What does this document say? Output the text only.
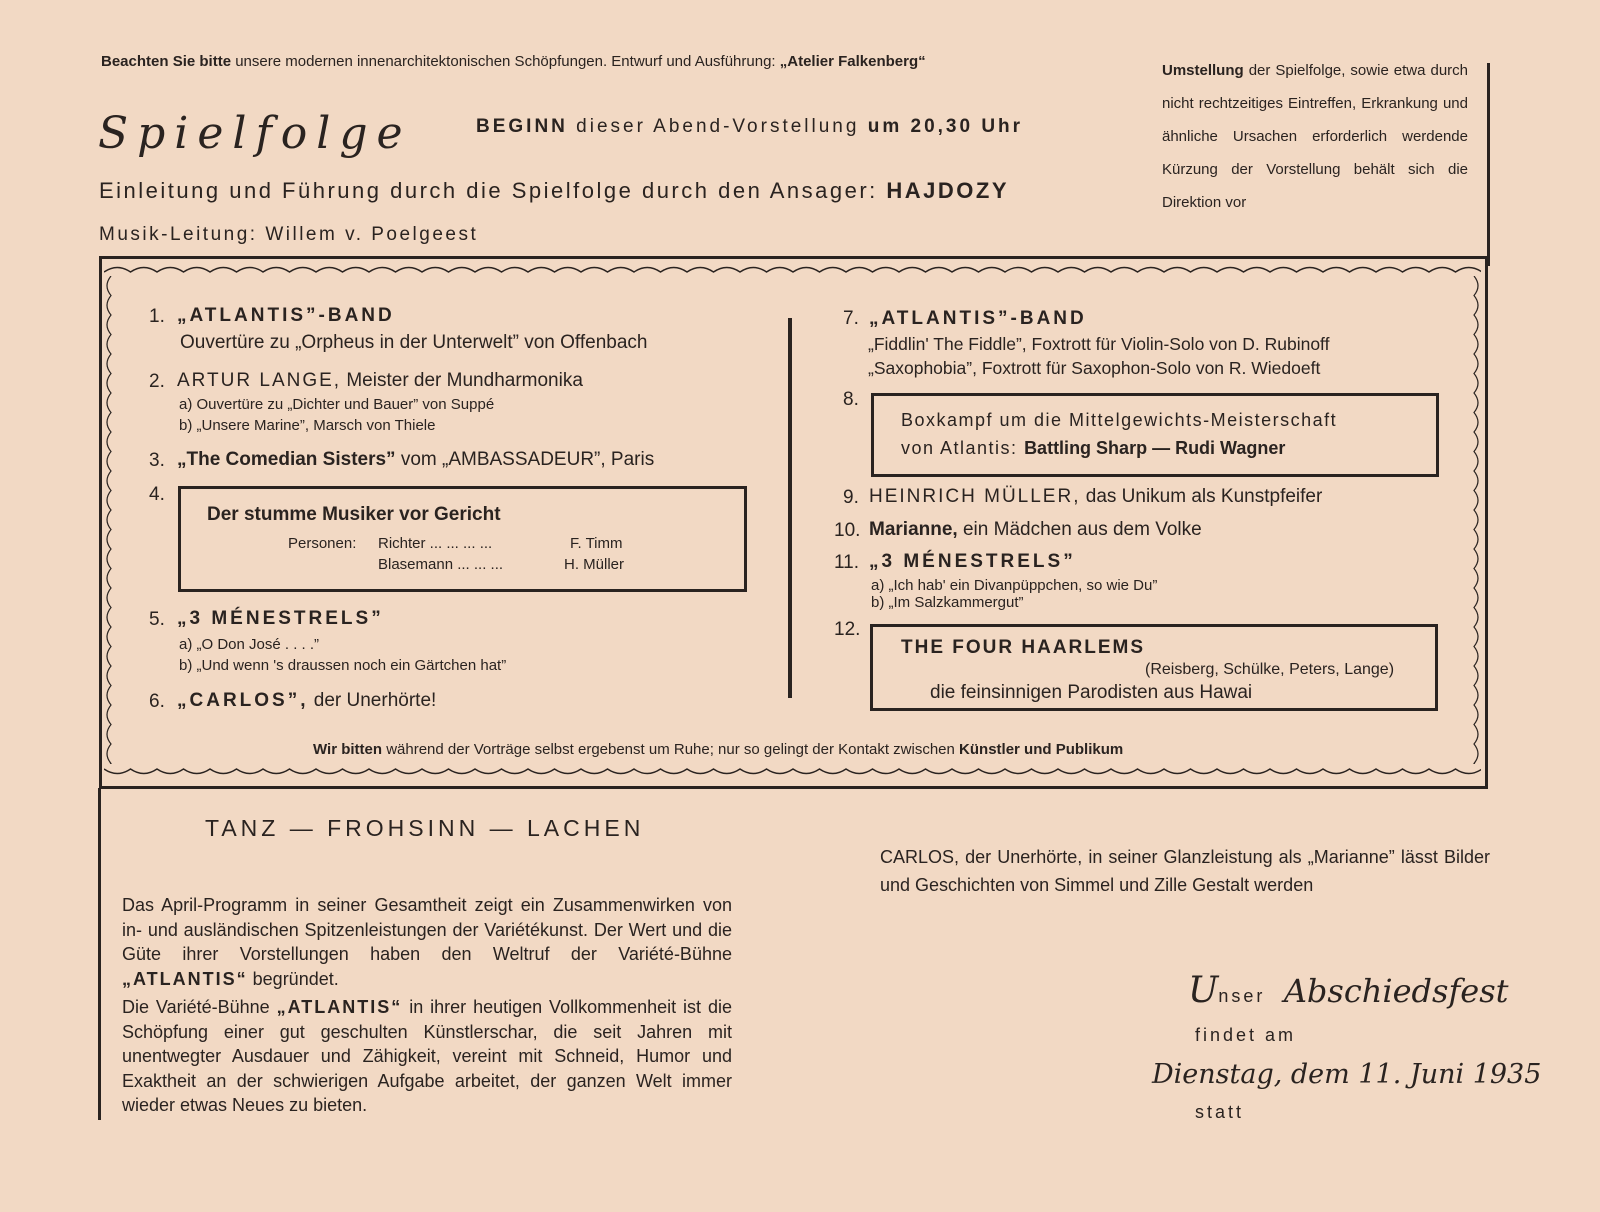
Beachten Sie bitte unsere modernen innenarchitektonischen Schöpfungen. Entwurf und Ausführung: „Atelier Falkenberg“
Spielfolge	BEGINN dieser Abend-Vorstellung um 20,30 Uhr
Einleitung und Führung durch die Spielfolge durch den Ansager: HAJDOZY
Musik-Leitung: Willem v. Poelgeest
Umstellung der Spielfolge, sowie etwa durch nicht rechtzeitiges Eintreffen, Erkrankung und ähnliche Ursachen erforderlich werdende Kürzung der Vorstellung behält sich die Direktion vor
1. „ATLANTIS”-BAND
Ouvertüre zu „Orpheus in der Unterwelt” von Offenbach
2. ARTUR LANGE, Meister der Mundharmonika
a) Ouvertüre zu „Dichter und Bauer” von Suppé
b) „Unsere Marine”, Marsch von Thiele
3. „The Comedian Sisters” vom „AMBASSADEUR”, Paris
4.
Der stumme Musiker vor Gericht
Personen: Richter ... ... ... ...	F. Timm
Blasemann ... ... ...	H. Müller
5. „3 MÉNESTRELS”
a) „O Don José . . . .”
b) „Und wenn 's draussen noch ein Gärtchen hat”
6. „CARLOS”, der Unerhörte!
7. „ATLANTIS”-BAND
„Fiddlin' The Fiddle”, Foxtrott für Violin-Solo von D. Rubinoff
„Saxophobia”, Foxtrott für Saxophon-Solo von R. Wiedoeft
8.
Boxkampf um die Mittelgewichts-Meisterschaft
von Atlantis: Battling Sharp — Rudi Wagner
9. HEINRICH MÜLLER, das Unikum als Kunstpfeifer
10. Marianne, ein Mädchen aus dem Volke
11. „3 MÉNESTRELS”
a) „Ich hab' ein Divanpüppchen, so wie Du”
b) „Im Salzkammergut”
12.
THE FOUR HAARLEMS
(Reisberg, Schülke, Peters, Lange)
die feinsinnigen Parodisten aus Hawai
Wir bitten während der Vorträge selbst ergebenst um Ruhe; nur so gelingt der Kontakt zwischen Künstler und Publikum
TANZ — FROHSINN — LACHEN
Das April-Programm in seiner Gesamtheit zeigt ein Zusammenwirken von in- und ausländischen Spitzenleistungen der Variétékunst. Der Wert und die Güte ihrer Vorstellungen haben den Weltruf der Variété-Bühne „ATLANTIS“ begründet.
Die Variété-Bühne „ATLANTIS“ in ihrer heutigen Vollkommenheit ist die Schöpfung einer gut geschulten Künstlerschar, die seit Jahren mit unentwegter Ausdauer und Zähigkeit, vereint mit Schneid, Humor und Exaktheit an der schwierigen Aufgabe arbeitet, der ganzen Welt immer wieder etwas Neues zu bieten.
CARLOS, der Unerhörte, in seiner Glanzleistung als „Marianne” lässt Bilder und Geschichten von Simmel und Zille Gestalt werden
Unser Abschiedsfest
findet am
Dienstag, dem 11. Juni 1935
statt
